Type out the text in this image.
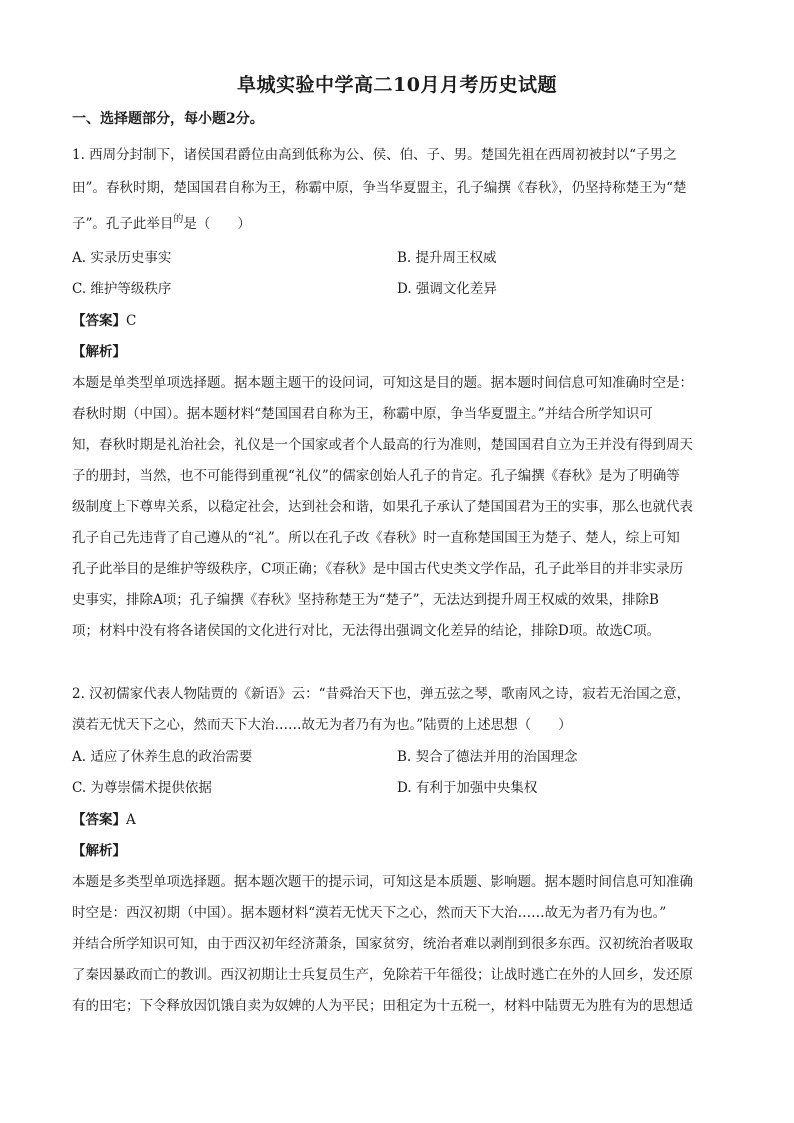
阜城实验中学高二10月月考历史试题
一、选择题部分，每小题2分。
1. 西周分封制下，诸侯国君爵位由高到低称为公、侯、伯、子、男。楚国先祖在西周初被封以“子男之
田”。春秋时期，楚国国君自称为王，称霸中原，争当华夏盟主，孔子编撰《春秋》，仍坚持称楚王为“楚
子”。孔子此举目$^的$是（　　）
A. 实录历史事实	B. 提升周王权威
C. 维护等级秩序	D. 强调文化差异
【答案】C
【解析】
本题是单类型单项选择题。据本题主题干的设问词，可知这是目的题。据本题时间信息可知准确时空是：
春秋时期（中国）。据本题材料“楚国国君自称为王，称霸中原，争当华夏盟主。”并结合所学知识可
知，春秋时期是礼治社会，礼仪是一个国家或者个人最高的行为准则，楚国国君自立为王并没有得到周天
子的册封，当然，也不可能得到重视“礼仪”的儒家创始人孔子的肯定。孔子编撰《春秋》是为了明确等
级制度上下尊卑关系，以稳定社会，达到社会和谐，如果孔子承认了楚国国君为王的实事，那么也就代表
孔子自己先违背了自己遵从的“礼”。所以在孔子改《春秋》时一直称楚国国王为楚子、楚人，综上可知
孔子此举目的是维护等级秩序，C项正确；《春秋》是中国古代史类文学作品，孔子此举目的并非实录历
史事实，排除A项；孔子编撰《春秋》坚持称楚王为“楚子”，无法达到提升周王权威的效果，排除B
项；材料中没有将各诸侯国的文化进行对比，无法得出强调文化差异的结论，排除D项。故选C项。
2. 汉初儒家代表人物陆贾的《新语》云：“昔舜治天下也，弹五弦之琴，歌南风之诗，寂若无治国之意，
漠若无忧天下之心，然而天下大治……故无为者乃有为也。”陆贾的上述思想（　　）
A. 适应了休养生息的政治需要	B. 契合了德法并用的治国理念
C. 为尊崇儒术提供依据	D. 有利于加强中央集权
【答案】A
【解析】
本题是多类型单项选择题。据本题次题干的提示词，可知这是本质题、影响题。据本题时间信息可知准确
时空是：西汉初期（中国）。据本题材料“漠若无忧天下之心，然而天下大治……故无为者乃有为也。”
并结合所学知识可知，由于西汉初年经济萧条，国家贫穷，统治者难以剥削到很多东西。汉初统治者吸取
了秦因暴政而亡的教训。西汉初期让士兵复员生产，免除若干年徭役；让战时逃亡在外的人回乡，发还原
有的田宅；下令释放因饥饿自卖为奴婢的人为平民；田租定为十五税一，材料中陆贾无为胜有为的思想适
